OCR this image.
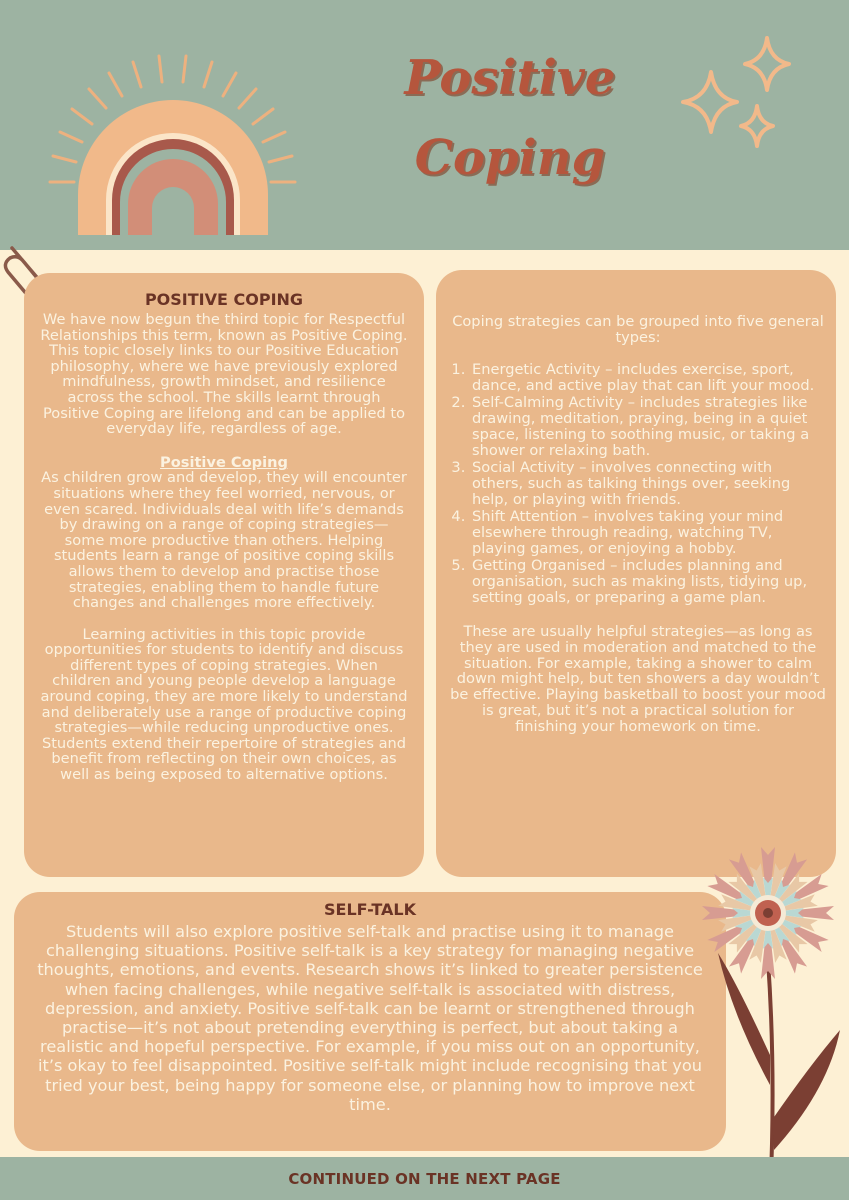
Positive
Coping

POSITIVE COPING

We have now begun the third topic for Respectful Relationships this term, known as Positive Coping. This topic closely links to our Positive Education philosophy, where we have previously explored mindfulness, growth mindset, and resilience across the school. The skills learnt through Positive Coping are lifelong and can be applied to everyday life, regardless of age.

Positive Coping

As children grow and develop, they will encounter situations where they feel worried, nervous, or even scared. Individuals deal with life’s demands by drawing on a range of coping strategies—some more productive than others. Helping students learn a range of positive coping skills allows them to develop and practise those strategies, enabling them to handle future changes and challenges more effectively.

Learning activities in this topic provide opportunities for students to identify and discuss different types of coping strategies. When children and young people develop a language around coping, they are more likely to understand and deliberately use a range of productive coping strategies—while reducing unproductive ones. Students extend their repertoire of strategies and benefit from reflecting on their own choices, as well as being exposed to alternative options.

Coping strategies can be grouped into five general types:

1. Energetic Activity – includes exercise, sport, dance, and active play that can lift your mood.
2. Self-Calming Activity – includes strategies like drawing, meditation, praying, being in a quiet space, listening to soothing music, or taking a shower or relaxing bath.
3. Social Activity – involves connecting with others, such as talking things over, seeking help, or playing with friends.
4. Shift Attention – involves taking your mind elsewhere through reading, watching TV, playing games, or enjoying a hobby.
5. Getting Organised – includes planning and organisation, such as making lists, tidying up, setting goals, or preparing a game plan.

These are usually helpful strategies—as long as they are used in moderation and matched to the situation. For example, taking a shower to calm down might help, but ten showers a day wouldn’t be effective. Playing basketball to boost your mood is great, but it’s not a practical solution for finishing your homework on time.

SELF-TALK

Students will also explore positive self-talk and practise using it to manage challenging situations. Positive self-talk is a key strategy for managing negative thoughts, emotions, and events. Research shows it’s linked to greater persistence when facing challenges, while negative self-talk is associated with distress, depression, and anxiety. Positive self-talk can be learnt or strengthened through practise—it’s not about pretending everything is perfect, but about taking a realistic and hopeful perspective. For example, if you miss out on an opportunity, it’s okay to feel disappointed. Positive self-talk might include recognising that you tried your best, being happy for someone else, or planning how to improve next time.

CONTINUED ON THE NEXT PAGE
